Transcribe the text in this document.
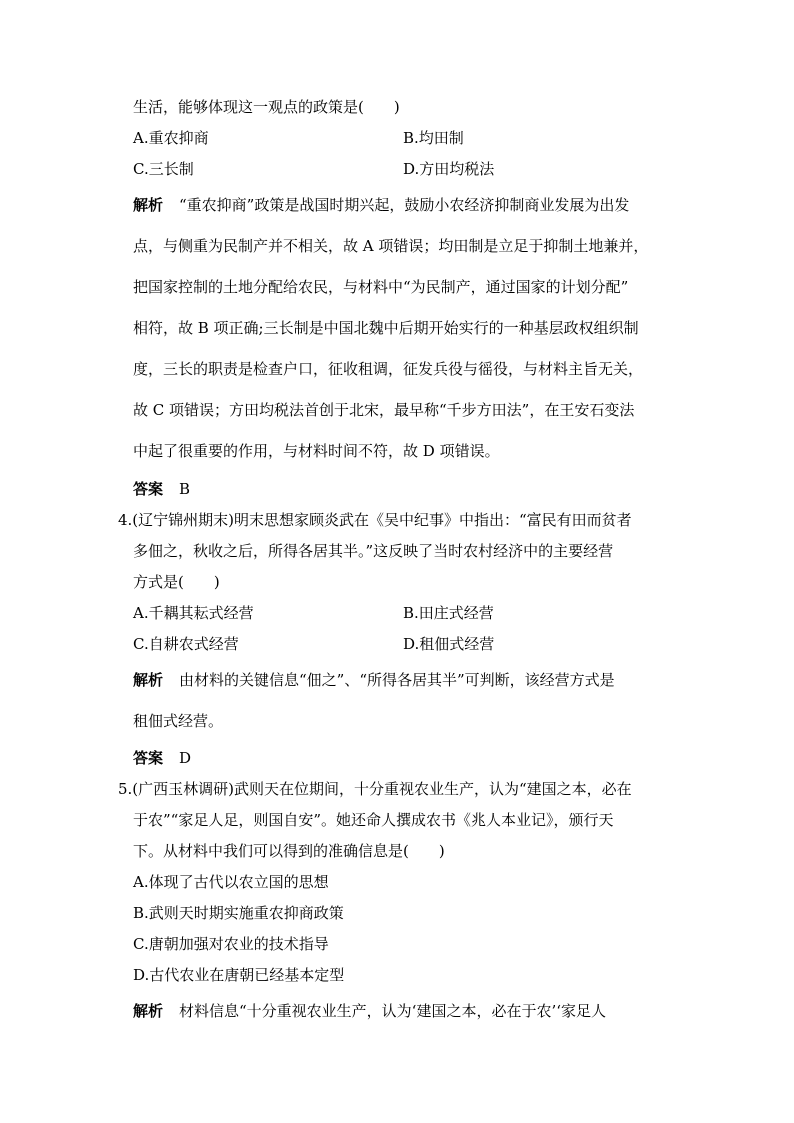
生活，能够体现这一观点的政策是(　　)
A.重农抑商	B.均田制
C.三长制	D.方田均税法
解析 “重农抑商”政策是战国时期兴起，鼓励小农经济抑制商业发展为出发
点，与侧重为民制产并不相关，故 A 项错误；均田制是立足于抑制土地兼并，
把国家控制的土地分配给农民，与材料中“为民制产，通过国家的计划分配”
相符，故 B 项正确;三长制是中国北魏中后期开始实行的一种基层政权组织制
度，三长的职责是检查户口，征收租调，征发兵役与徭役，与材料主旨无关，
故 C 项错误；方田均税法首创于北宋，最早称“千步方田法”，在王安石变法
中起了很重要的作用，与材料时间不符，故 D 项错误。
答案 B
4.(辽宁锦州期末)明末思想家顾炎武在《吴中纪事》中指出：“富民有田而贫者
多佃之，秋收之后，所得各居其半。”这反映了当时农村经济中的主要经营
方式是(　　)
A.千耦其耘式经营	B.田庄式经营
C.自耕农式经营	D.租佃式经营
解析 由材料的关键信息“佃之”、“所得各居其半”可判断，该经营方式是
租佃式经营。
答案 D
5.(广西玉林调研)武则天在位期间，十分重视农业生产，认为“建国之本，必在
于农”“家足人足，则国自安”。她还命人撰成农书《兆人本业记》，颁行天
下。从材料中我们可以得到的准确信息是(　　)
A.体现了古代以农立国的思想
B.武则天时期实施重农抑商政策
C.唐朝加强对农业的技术指导
D.古代农业在唐朝已经基本定型
解析 材料信息“十分重视农业生产，认为‘建国之本，必在于农’‘家足人
